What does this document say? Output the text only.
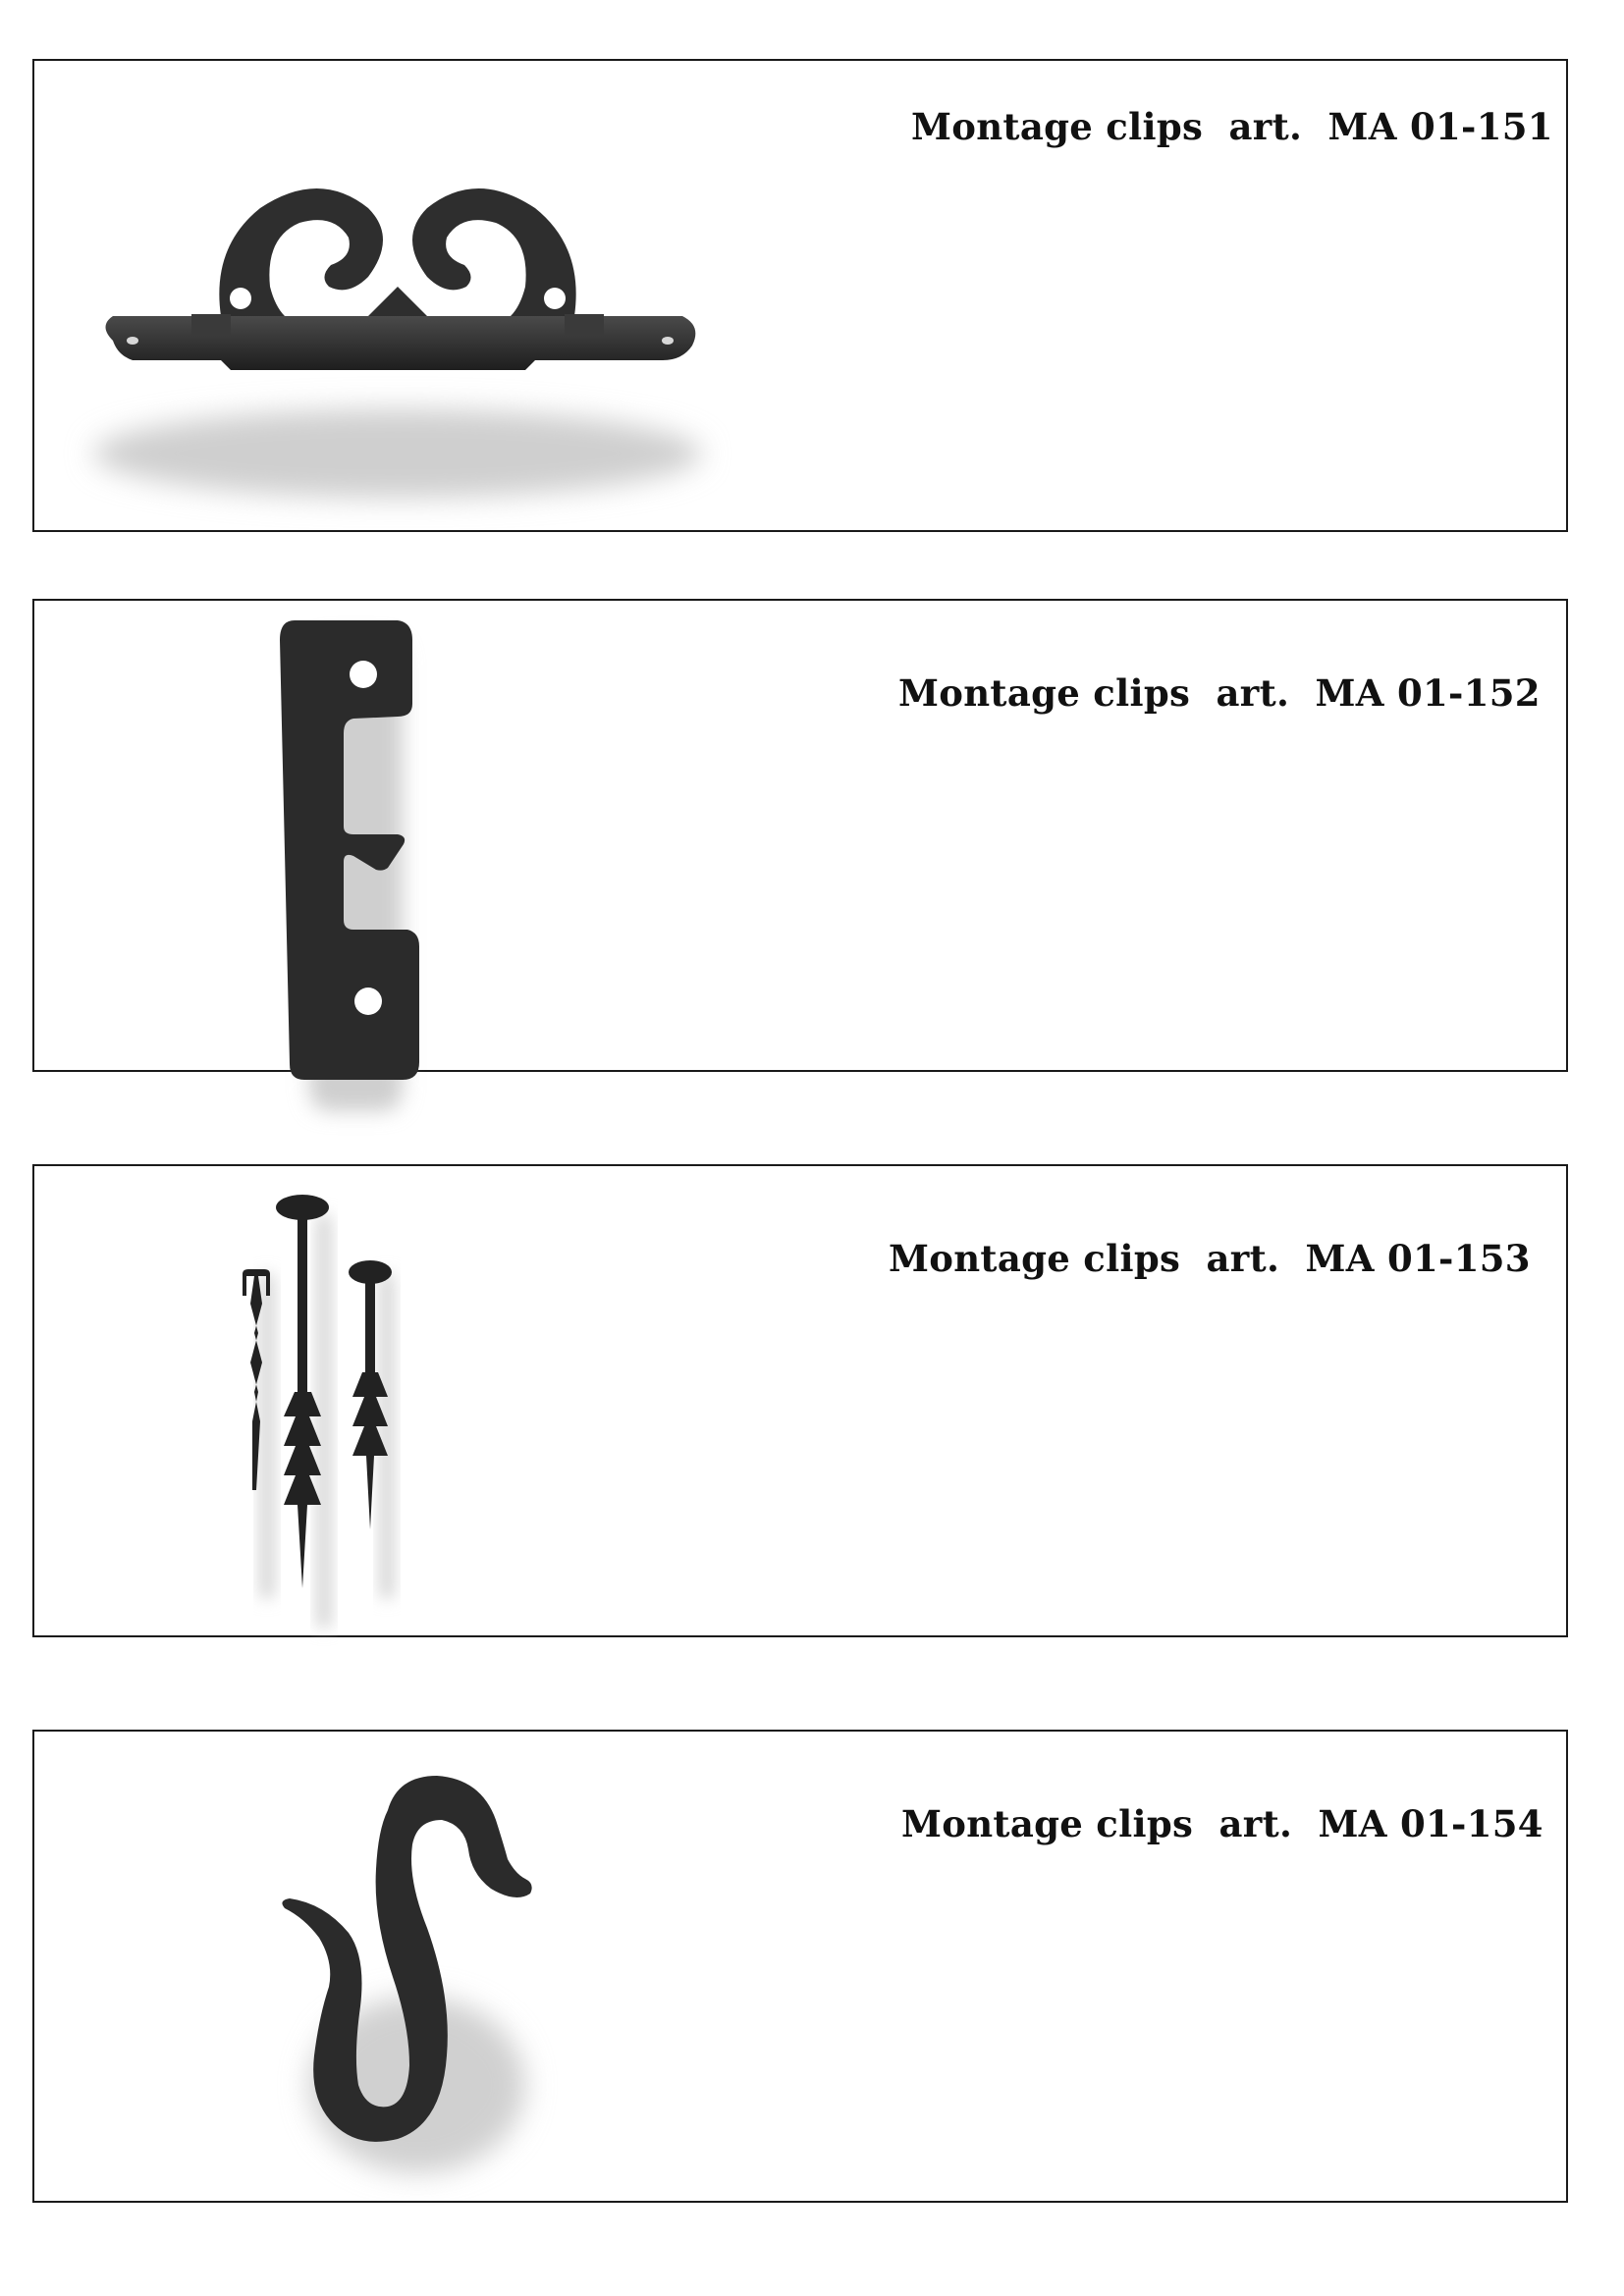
Montage clips  art.  MA 01-151
Montage clips  art.  MA 01-152
Montage clips  art.  MA 01-153
Montage clips  art.  MA 01-154
